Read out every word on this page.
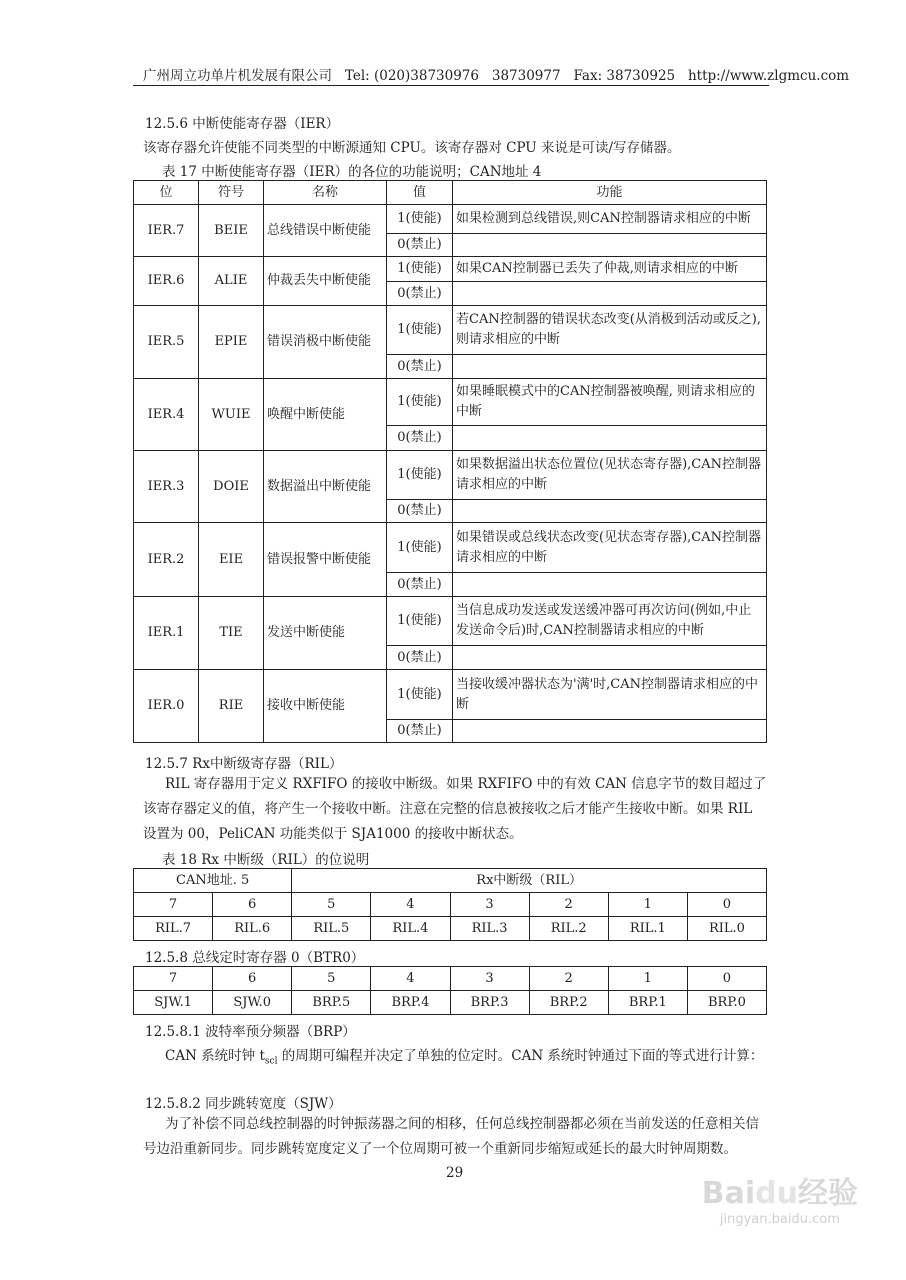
广州周立功单片机发展有限公司   Tel: (020)38730976   38730977   Fax: 38730925   http://www.zlgmcu.com
12.5.6 中断使能寄存器（IER）
该寄存器允许使能不同类型的中断源通知 CPU。该寄存器对 CPU 来说是可读/写存储器。
表 17 中断使能寄存器（IER）的各位的功能说明；CAN地址 4
位	符号	名称	值	功能
IER.7	BEIE	总线错误中断使能	1(使能)	如果检测到总线错误,则CAN控制器请求相应的中断
			0(禁止)	
IER.6	ALIE	仲裁丢失中断使能	1(使能)	如果CAN控制器已丢失了仲裁,则请求相应的中断
			0(禁止)	
IER.5	EPIE	错误消极中断使能	1(使能)	若CAN控制器的错误状态改变(从消极到活动或反之), 则请求相应的中断
			0(禁止)	
IER.4	WUIE	唤醒中断使能	1(使能)	如果睡眠模式中的CAN控制器被唤醒, 则请求相应的中断
			0(禁止)	
IER.3	DOIE	数据溢出中断使能	1(使能)	如果数据溢出状态位置位(见状态寄存器),CAN控制器请求相应的中断
			0(禁止)	
IER.2	EIE	错误报警中断使能	1(使能)	如果错误或总线状态改变(见状态寄存器),CAN控制器请求相应的中断
			0(禁止)	
IER.1	TIE	发送中断使能	1(使能)	当信息成功发送或发送缓冲器可再次访问(例如,中止发送命令后)时,CAN控制器请求相应的中断
			0(禁止)	
IER.0	RIE	接收中断使能	1(使能)	当接收缓冲器状态为'满'时,CAN控制器请求相应的中断
			0(禁止)	
12.5.7 Rx中断级寄存器（RIL）
RIL 寄存器用于定义 RXFIFO 的接收中断级。如果 RXFIFO 中的有效 CAN 信息字节的数目超过了该寄存器定义的值，将产生一个接收中断。注意在完整的信息被接收之后才能产生接收中断。如果 RIL 设置为 00，PeliCAN 功能类似于 SJA1000 的接收中断状态。
表 18 Rx 中断级（RIL）的位说明
CAN地址. 5		Rx中断级（RIL）					
7	6	5	4	3	2	1	0
RIL.7	RIL.6	RIL.5	RIL.4	RIL.3	RIL.2	RIL.1	RIL.0
12.5.8 总线定时寄存器 0（BTR0）
7	6	5	4	3	2	1	0
SJW.1	SJW.0	BRP.5	BRP.4	BRP.3	BRP.2	BRP.1	BRP.0
12.5.8.1 波特率预分频器（BRP）
CAN 系统时钟 $t_{scl}$ 的周期可编程并决定了单独的位定时。CAN 系统时钟通过下面的等式进行计算：
12.5.8.2 同步跳转宽度（SJW）
为了补偿不同总线控制器的时钟振荡器之间的相移，任何总线控制器都必须在当前发送的任意相关信号边沿重新同步。同步跳转宽度定义了一个位周期可被一个重新同步缩短或延长的最大时钟周期数。
29
Baidu经验
jingyan.baidu.com
